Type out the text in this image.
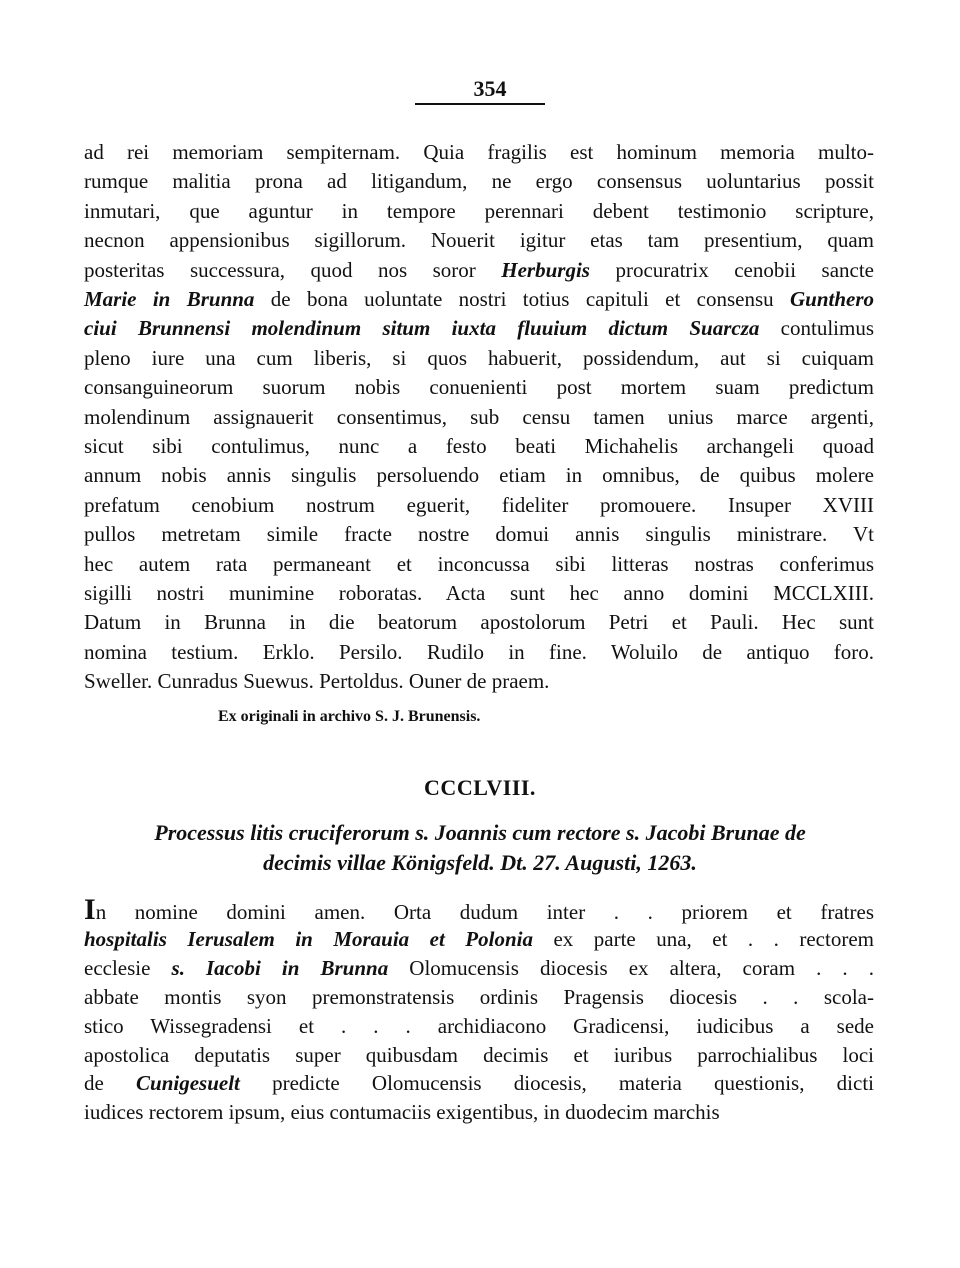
354
ad rei memoriam sempiternam. Quia fragilis est hominum memoria multo-
rumque malitia prona ad litigandum, ne ergo consensus uoluntarius possit
inmutari, que aguntur in tempore perennari debent testimonio scripture,
necnon appensionibus sigillorum. Nouerit igitur etas tam presentium, quam
posteritas successura, quod nos soror Herburgis procuratrix cenobii sancte
Marie in Brunna de bona uoluntate nostri totius capituli et consensu Gunthero
ciui Brunnensi molendinum situm iuxta fluuium dictum Suarcza contulimus
pleno iure una cum liberis, si quos habuerit, possidendum, aut si cuiquam
consanguineorum suorum nobis conuenienti post mortem suam predictum
molendinum assignauerit consentimus, sub censu tamen unius marce argenti,
sicut sibi contulimus, nunc a festo beati Michahelis archangeli quoad
annum nobis annis singulis persoluendo etiam in omnibus, de quibus molere
prefatum cenobium nostrum eguerit, fideliter promouere. Insuper XVIII
pullos metretam simile fracte nostre domui annis singulis ministrare. Vt
hec autem rata permaneant et inconcussa sibi litteras nostras conferimus
sigilli nostri munimine roboratas. Acta sunt hec anno domini MCCLXIII.
Datum in Brunna in die beatorum apostolorum Petri et Pauli. Hec sunt
nomina testium. Erklo. Persilo. Rudilo in fine. Woluilo de antiquo foro.
Sweller. Cunradus Suewus. Pertoldus. Ouner de praem.
Ex originali in archivo S. J. Brunensis.
CCCLVIII.
Processus litis cruciferorum s. Joannis cum rectore s. Jacobi Brunae de
decimis villae Königsfeld. Dt. 27. Augusti, 1263.
In nomine domini amen. Orta dudum inter . . priorem et fratres
hospitalis Ierusalem in Morauia et Polonia ex parte una, et . . rectorem
ecclesie s. Iacobi in Brunna Olomucensis diocesis ex altera, coram . . .
abbate montis syon premonstratensis ordinis Pragensis diocesis . . scola-
stico Wissegradensi et . . . archidiacono Gradicensi, iudicibus a sede
apostolica deputatis super quibusdam decimis et iuribus parrochialibus loci
de Cunigesuelt predicte Olomucensis diocesis, materia questionis, dicti
iudices rectorem ipsum, eius contumaciis exigentibus, in duodecim marchis
